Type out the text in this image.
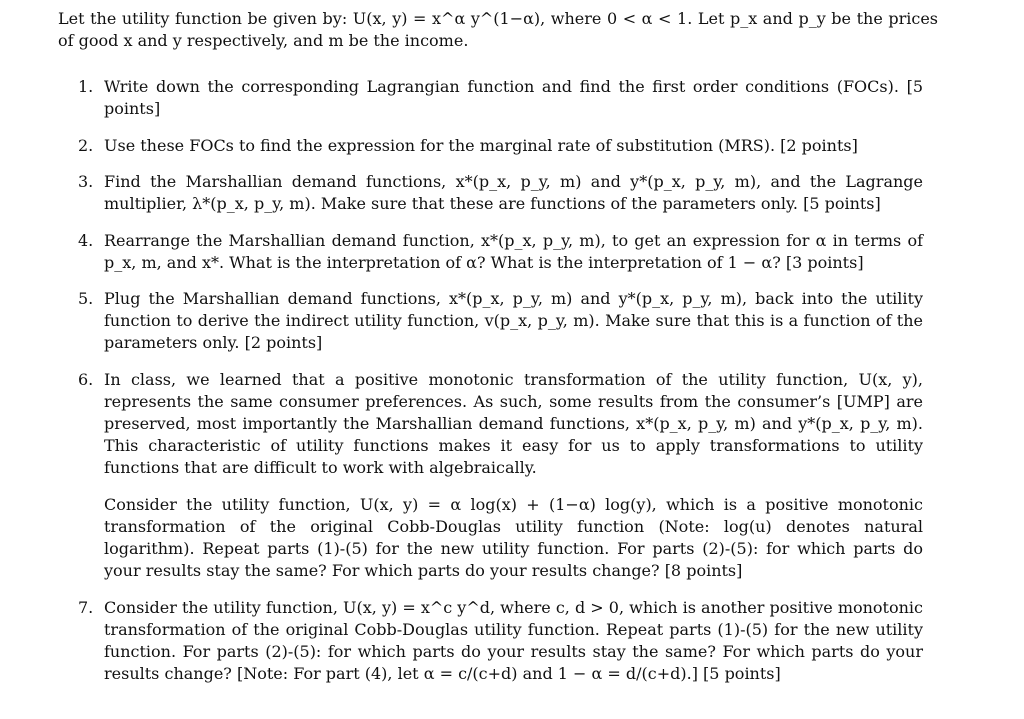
Let the utility function be given by: U(x, y) = x^α y^(1−α), where 0 < α < 1. Let p_x and p_y be the prices of good x and y respectively, and m be the income.
1. Write down the corresponding Lagrangian function and find the first order conditions (FOCs). [5 points]

2. Use these FOCs to find the expression for the marginal rate of substitution (MRS). [2 points]

3. Find the Marshallian demand functions, x*(p_x, p_y, m) and y*(p_x, p_y, m), and the Lagrange multiplier, λ*(p_x, p_y, m). Make sure that these are functions of the parameters only. [5 points]

4. Rearrange the Marshallian demand function, x*(p_x, p_y, m), to get an expression for α in terms of p_x, m, and x*. What is the interpretation of α? What is the interpretation of 1 − α? [3 points]

5. Plug the Marshallian demand functions, x*(p_x, p_y, m) and y*(p_x, p_y, m), back into the utility function to derive the indirect utility function, v(p_x, p_y, m). Make sure that this is a function of the parameters only. [2 points]

6. In class, we learned that a positive monotonic transformation of the utility function, U(x, y), represents the same consumer preferences. As such, some results from the consumer’s [UMP] are preserved, most importantly the Marshallian demand functions, x*(p_x, p_y, m) and y*(p_x, p_y, m). This characteristic of utility functions makes it easy for us to apply transformations to utility functions that are difficult to work with algebraically.

Consider the utility function, U(x, y) = α log(x) + (1−α) log(y), which is a positive monotonic transformation of the original Cobb-Douglas utility function (Note: log(u) denotes natural logarithm). Repeat parts (1)-(5) for the new utility function. For parts (2)-(5): for which parts do your results stay the same? For which parts do your results change? [8 points]

7. Consider the utility function, U(x, y) = x^c y^d, where c, d > 0, which is another positive monotonic transformation of the original Cobb-Douglas utility function. Repeat parts (1)-(5) for the new utility function. For parts (2)-(5): for which parts do your results stay the same? For which parts do your results change? [Note: For part (4), let α = c/(c+d) and 1 − α = d/(c+d).] [5 points]
